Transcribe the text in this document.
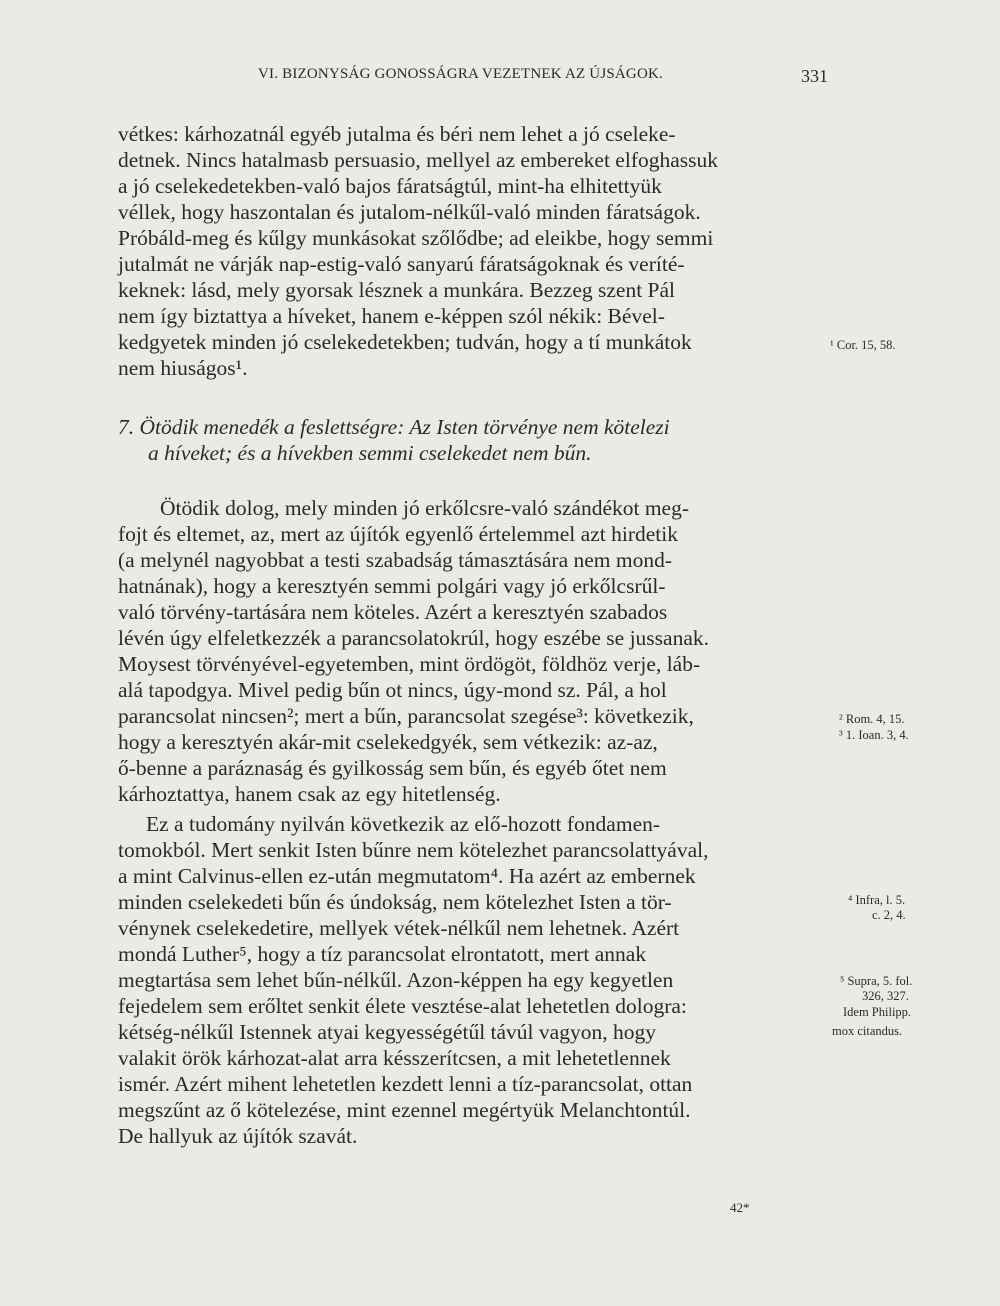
VI. BIZONYSÁG GONOSSÁGRA VEZETNEK AZ ÚJSÁGOK.	331
vétkes: kárhozatnál egyéb jutalma és béri nem lehet a jó cseleke-
detnek. Nincs hatalmasb persuasio, mellyel az embereket elfoghassuk
a jó cselekedetekben-való bajos fáratságtúl, mint-ha elhitettyük
véllek, hogy haszontalan és jutalom-nélkűl-való minden fáratságok.
Próbáld-meg és kűlgy munkásokat szőlődbe; ad eleikbe, hogy semmi
jutalmát ne várják nap-estig-való sanyarú fáratságoknak és veríté-
keknek: lásd, mely gyorsak lésznek a munkára. Bezzeg szent Pál
nem így biztattya a híveket, hanem e-képpen szól nékik: Bével-
kedgyetek minden jó cselekedetekben; tudván, hogy a tí munkátok
nem hiuságos¹.
7. Ötödik menedék a feslettségre: Az Isten törvénye nem kötelezi
a híveket; és a hívekben semmi cselekedet nem bűn.
Ötödik dolog, mely minden jó erkőlcsre-való szándékot meg-
fojt és eltemet, az, mert az újítók egyenlő értelemmel azt hirdetik
(a melynél nagyobbat a testi szabadság támasztására nem mond-
hatnának), hogy a keresztyén semmi polgári vagy jó erkőlcsrűl-
való törvény-tartására nem köteles. Azért a keresztyén szabados
lévén úgy elfeletkezzék a parancsolatokrúl, hogy eszébe se jussanak.
Moysest törvényével-egyetemben, mint ördögöt, földhöz verje, láb-
alá tapodgya. Mivel pedig bűn ot nincs, úgy-mond sz. Pál, a hol
parancsolat nincsen²; mert a bűn, parancsolat szegése³: következik,
hogy a keresztyén akár-mit cselekedgyék, sem vétkezik: az-az,
ő-benne a paráznaság és gyilkosság sem bűn, és egyéb őtet nem
kárhoztattya, hanem csak az egy hitetlenség.
Ez a tudomány nyilván következik az elő-hozott fondamen-
tomokból. Mert senkit Isten bűnre nem kötelezhet parancsolattyával,
a mint Calvinus-ellen ez-után megmutatom⁴. Ha azért az embernek
minden cselekedeti bűn és úndokság, nem kötelezhet Isten a tör-
vénynek cselekedetire, mellyek vétek-nélkűl nem lehetnek. Azért
mondá Luther⁵, hogy a tíz parancsolat elrontatott, mert annak
megtartása sem lehet bűn-nélkűl. Azon-képpen ha egy kegyetlen
fejedelem sem erőltet senkit élete vesztése-alat lehetetlen dologra:
kétség-nélkűl Istennek atyai kegyességétűl távúl vagyon, hogy
valakit örök kárhozat-alat arra késszerítcsen, a mit lehetetlennek
ismér. Azért mihent lehetetlen kezdett lenni a tíz-parancsolat, ottan
megszűnt az ő kötelezése, mint ezennel megértyük Melanchtontúl.
De hallyuk az újítók szavát.
¹ Cor. 15, 58.
² Rom. 4, 15.
³ 1. Ioan. 3, 4.
⁴ Infra, l. 5.
c. 2, 4.
⁵ Supra, 5. fol.
326, 327.
Idem Philipp.
mox citandus.
42*
